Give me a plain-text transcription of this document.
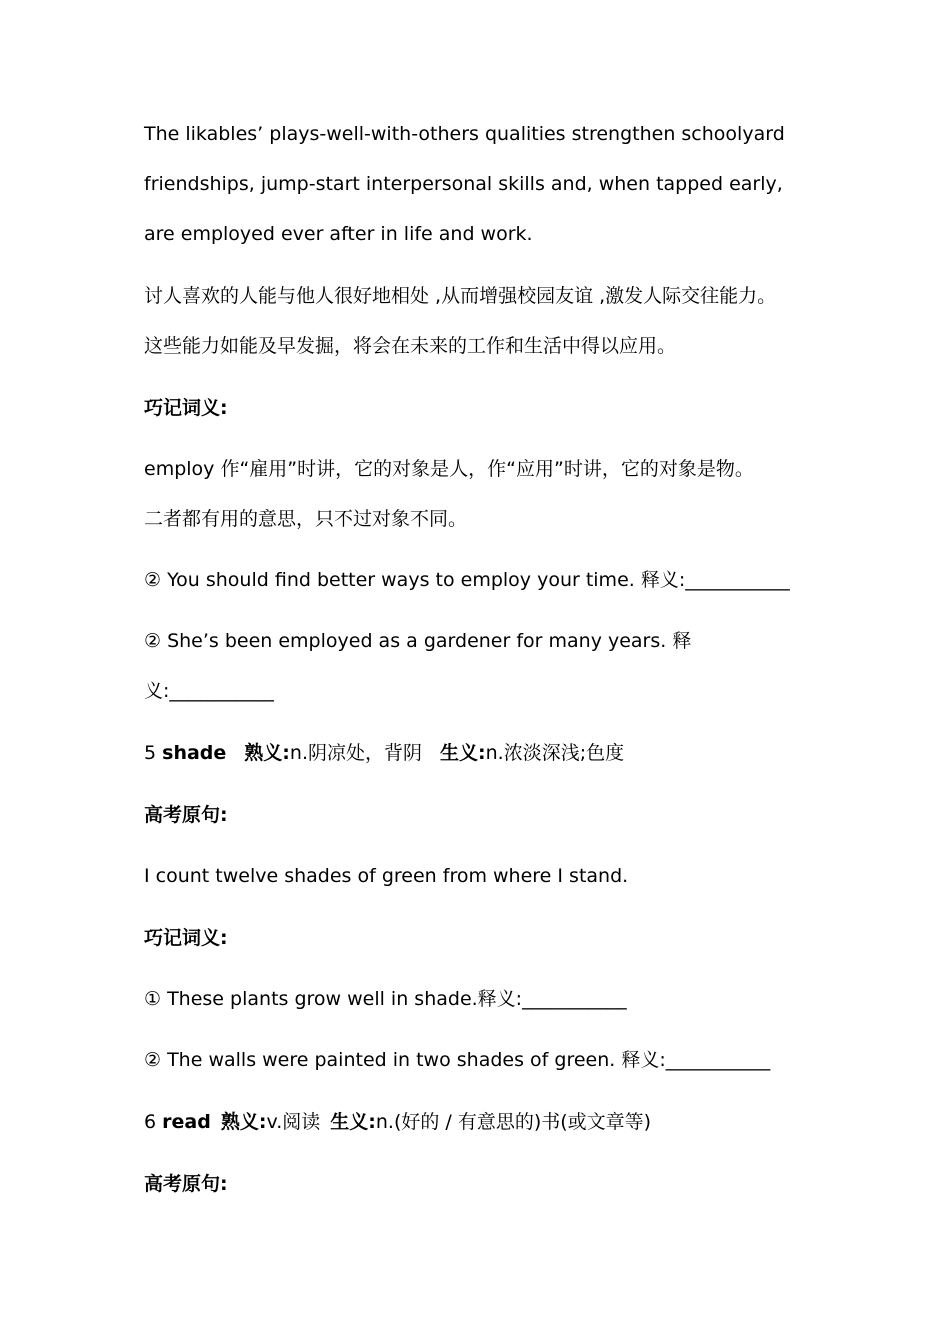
The likables’ plays-well-with-others qualities strengthen schoolyard
friendships, jump-start interpersonal skills and, when tapped early,
are employed ever after in life and work.
讨人喜欢的人能与他人很好地相处 ,从而增强校园友谊 ,激发人际交往能力。
这些能力如能及早发掘，将会在未来的工作和生活中得以应用。
巧记词义:
employ 作“雇用”时讲，它的对象是人，作“应用”时讲，它的对象是物。
二者都有用的意思，只不过对象不同。
② You should find better ways to employ your time. 释义:___________
② She’s been employed as a gardener for many years. 释
义:___________
5 shade 熟义:n.阴凉处，背阴 生义:n.浓淡深浅;色度
高考原句:
I count twelve shades of green from where I stand.
巧记词义:
① These plants grow well in shade.释义:___________
② The walls were painted in two shades of green. 释义:___________
6 read 熟义:v.阅读 生义:n.(好的 / 有意思的)书(或文章等)
高考原句:
